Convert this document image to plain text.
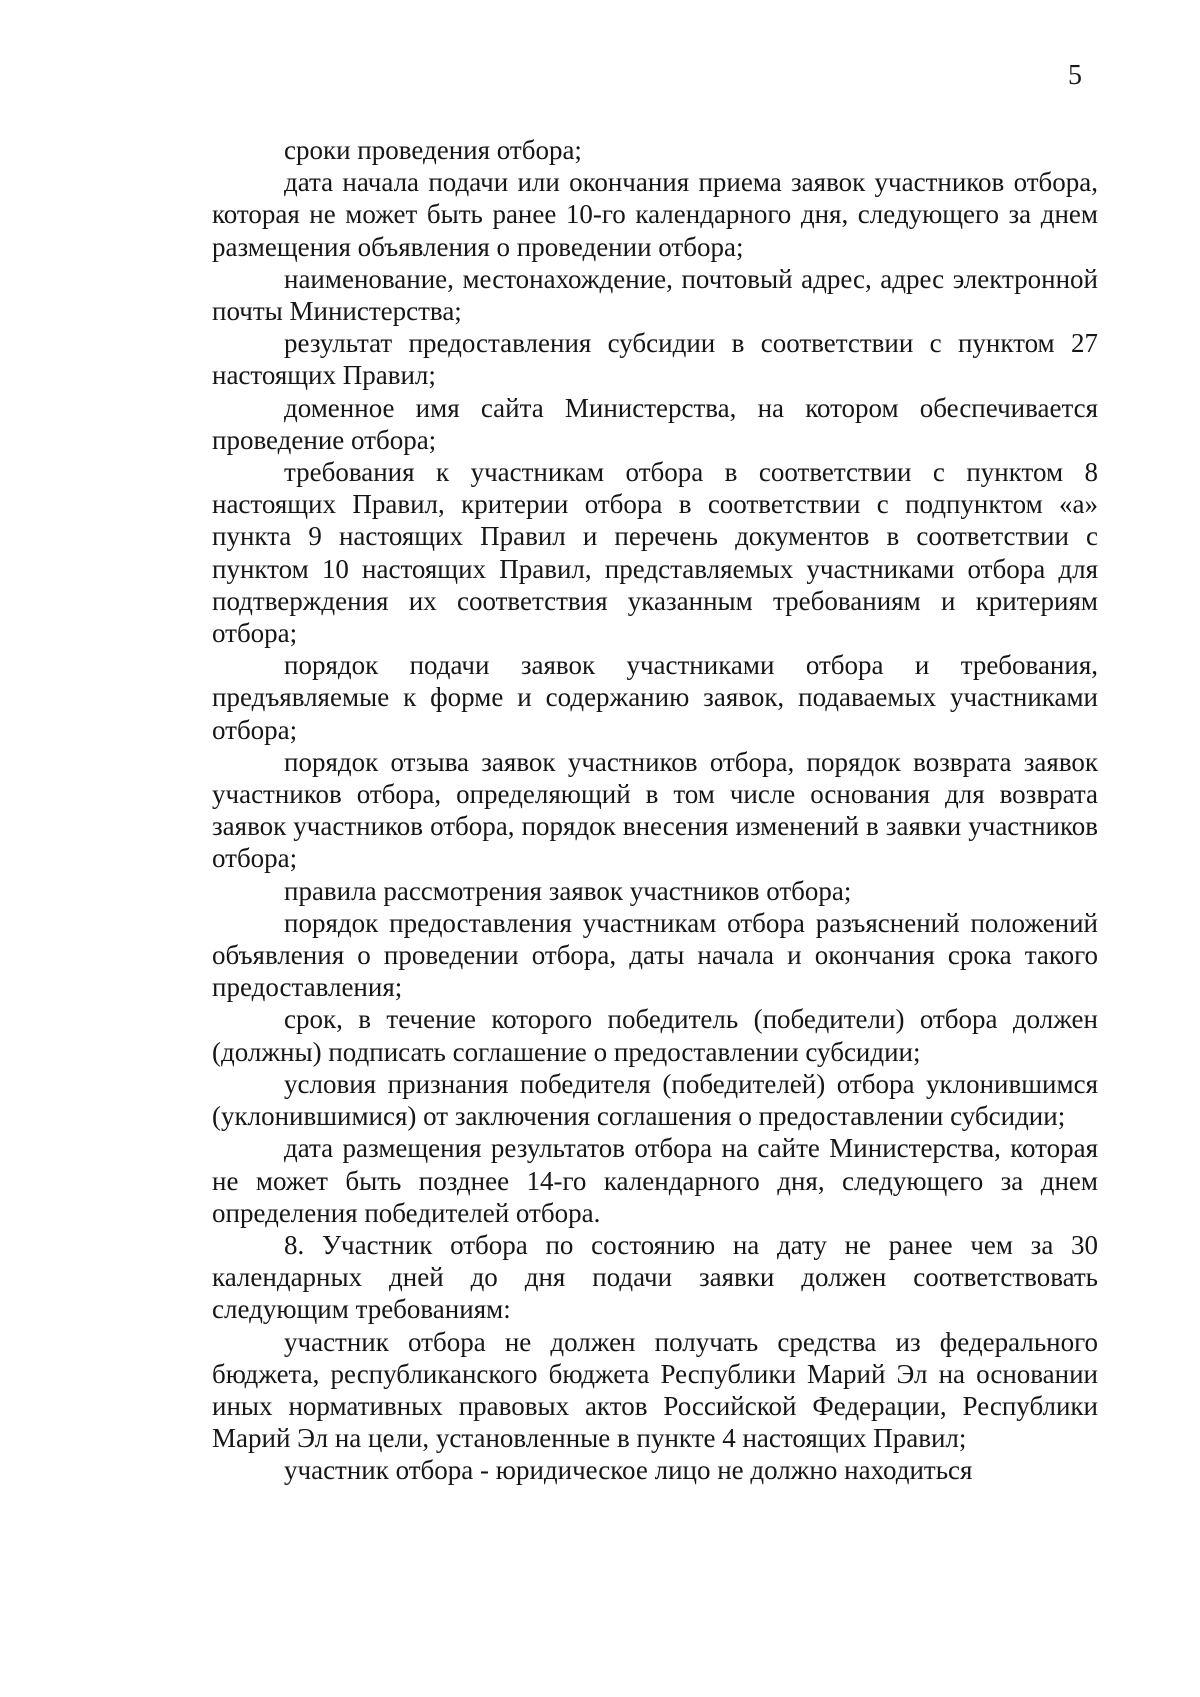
5

сроки проведения отбора;

дата начала подачи или окончания приема заявок участников отбора, которая не может быть ранее 10-го календарного дня, следующего за днем размещения объявления о проведении отбора;

наименование, местонахождение, почтовый адрес, адрес электронной почты Министерства;

результат предоставления субсидии в соответствии с пунктом 27 настоящих Правил;

доменное имя сайта Министерства, на котором обеспечивается проведение отбора;

требования к участникам отбора в соответствии с пунктом 8 настоящих Правил, критерии отбора в соответствии с подпунктом «а» пункта 9 настоящих Правил и перечень документов в соответствии с пунктом 10 настоящих Правил, представляемых участниками отбора для подтверждения их соответствия указанным требованиям и критериям отбора;

порядок подачи заявок участниками отбора и требования, предъявляемые к форме и содержанию заявок, подаваемых участниками отбора;

порядок отзыва заявок участников отбора, порядок возврата заявок участников отбора, определяющий в том числе основания для возврата заявок участников отбора, порядок внесения изменений в заявки участников отбора;

правила рассмотрения заявок участников отбора;

порядок предоставления участникам отбора разъяснений положений объявления о проведении отбора, даты начала и окончания срока такого предоставления;

срок, в течение которого победитель (победители) отбора должен (должны) подписать соглашение о предоставлении субсидии;

условия признания победителя (победителей) отбора уклонившимся (уклонившимися) от заключения соглашения о предоставлении субсидии;

дата размещения результатов отбора на сайте Министерства, которая не может быть позднее 14-го календарного дня, следующего за днем определения победителей отбора.

8. Участник отбора по состоянию на дату не ранее чем за 30 календарных дней до дня подачи заявки должен соответствовать следующим требованиям:

участник отбора не должен получать средства из федерального бюджета, республиканского бюджета Республики Марий Эл на основании иных нормативных правовых актов Российской Федерации, Республики Марий Эл на цели, установленные в пункте 4 настоящих Правил;

участник отбора - юридическое лицо не должно находиться
